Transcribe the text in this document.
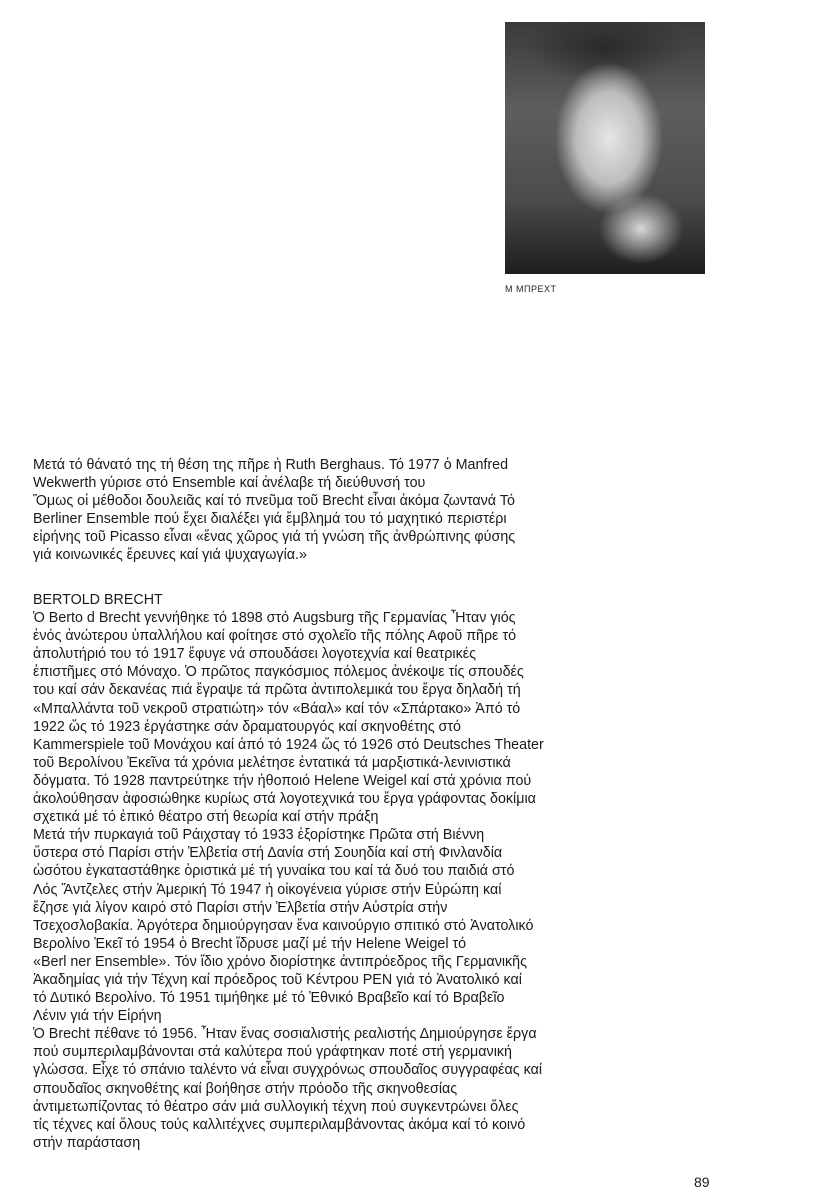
Μ ΜΠΡΕΧΤ
Μετά τό θάνατό της τή θέση της πῆρε ἡ Ruth Berghaus. Τό 1977 ὁ Manfred
Wekwerth γύρισε στό Ensemble καί ἀνέλαβε τή διεύθυνσή του
Ὅμως οἱ μέθοδοι δουλειᾶς καί τό πνεῦμα τοῦ Brecht εἶναι ἀκόμα ζωντανά Τό
Berliner Ensemble πού ἔχει διαλέξει γιά ἔμβλημά του τό μαχητικό περιστέρι
εἰρήνης τοῦ Picasso εἶναι «ἕνας χῶρος γιά τή γνώση τῆς ἀνθρώπινης φύσης
γιά κοινωνικές ἔρευνες καί γιά ψυχαγωγία.»
BERTOLD BRECHT
Ὁ Berto d Brecht γεννήθηκε τό 1898 στό Augsburg τῆς Γερμανίας Ἦταν γιός
ἑνός ἀνώτερου ὑπαλλήλου καί φοίτησε στό σχολεῖο τῆς πόλης Αφοῦ πῆρε τό
ἀπολυτήριό του τό 1917 ἔφυγε νά σπουδάσει λογοτεχνία καί θεατρικές
ἐπιστῆμες στό Μόναχο. Ὁ πρῶτος παγκόσμιος πόλεμος ἀνέκοψε τίς σπουδές
του καί σάν δεκανέας πιά ἔγραψε τά πρῶτα ἀντιπολεμικά του ἔργα δηλαδή τή
«Μπαλλάντα τοῦ νεκροῦ στρατιώτη» τόν «Βάαλ» καί τόν «Σπάρτακο» Ἀπό τό
1922 ὥς τό 1923 ἐργάστηκε σάν δραματουργός καί σκηνοθέτης στό
Kammerspiele τοῦ Μονάχου καί ἀπό τό 1924 ὥς τό 1926 στό Deutsches Theater
τοῦ Βερολίνου Ἐκεῖνα τά χρόνια μελέτησε ἐντατικά τά μαρξιστικά-λενινιστικά
δόγματα. Τό 1928 παντρεύτηκε τήν ἠθοποιό Helene Weigel καί στά χρόνια πού
ἀκολούθησαν ἀφοσιώθηκε κυρίως στά λογοτεχνικά του ἔργα γράφοντας δοκίμια
σχετικά μέ τό ἐπικό θέατρο στή θεωρία καί στήν πράξη
Μετά τήν πυρκαγιά τοῦ Ράιχσταγ τό 1933 ἐξορίστηκε Πρῶτα στή Βιέννη
ὕστερα στό Παρίσι στήν Ἐλβετία στή Δανία στή Σουηδία καί στή Φινλανδία
ὡσότου ἐγκαταστάθηκε ὁριστικά μέ τή γυναίκα του καί τά δυό του παιδιά στό
Λός Ἄντζελες στήν Ἀμερική Τό 1947 ἡ οἰκογένεια γύρισε στήν Εὐρώπη καί
ἔζησε γιά λίγον καιρό στό Παρίσι στήν Ἐλβετία στήν Αὐστρία στήν
Τσεχοσλοβακία. Ἀργότερα δημιούργησαν ἕνα καινούργιο σπιτικό στό Ἀνατολικό
Βερολίνο Ἐκεῖ τό 1954 ὁ Brecht ἵδρυσε μαζί μέ τήν Helene Weigel τό
«Berl ner Ensemble». Τόν ἴδιο χρόνο διορίστηκε ἀντιπρόεδρος τῆς Γερμανικῆς
Ἀκαδημίας γιά τήν Τέχνη καί πρόεδρος τοῦ Κέντρου PEN γιά τό Ἀνατολικό καί
τό Δυτικό Βερολίνο. Τό 1951 τιμήθηκε μέ τό Ἐθνικό Βραβεῖο καί τό Βραβεῖο
Λένιν γιά τήν Εἰρήνη
Ὁ Brecht πέθανε τό 1956. Ἦταν ἕνας σοσιαλιστής ρεαλιστής Δημιούργησε ἔργα
πού συμπεριλαμβάνονται στά καλύτερα πού γράφτηκαν ποτέ στή γερμανική
γλώσσα. Εἶχε τό σπάνιο ταλέντο νά εἶναι συγχρόνως σπουδαῖος συγγραφέας καί
σπουδαῖος σκηνοθέτης καί βοήθησε στήν πρόοδο τῆς σκηνοθεσίας
ἀντιμετωπίζοντας τό θέατρο σάν μιά συλλογική τέχνη πού συγκεντρώνει ὅλες
τίς τέχνες καί ὅλους τούς καλλιτέχνες συμπεριλαμβάνοντας ἀκόμα καί τό κοινό
στήν παράσταση
89
